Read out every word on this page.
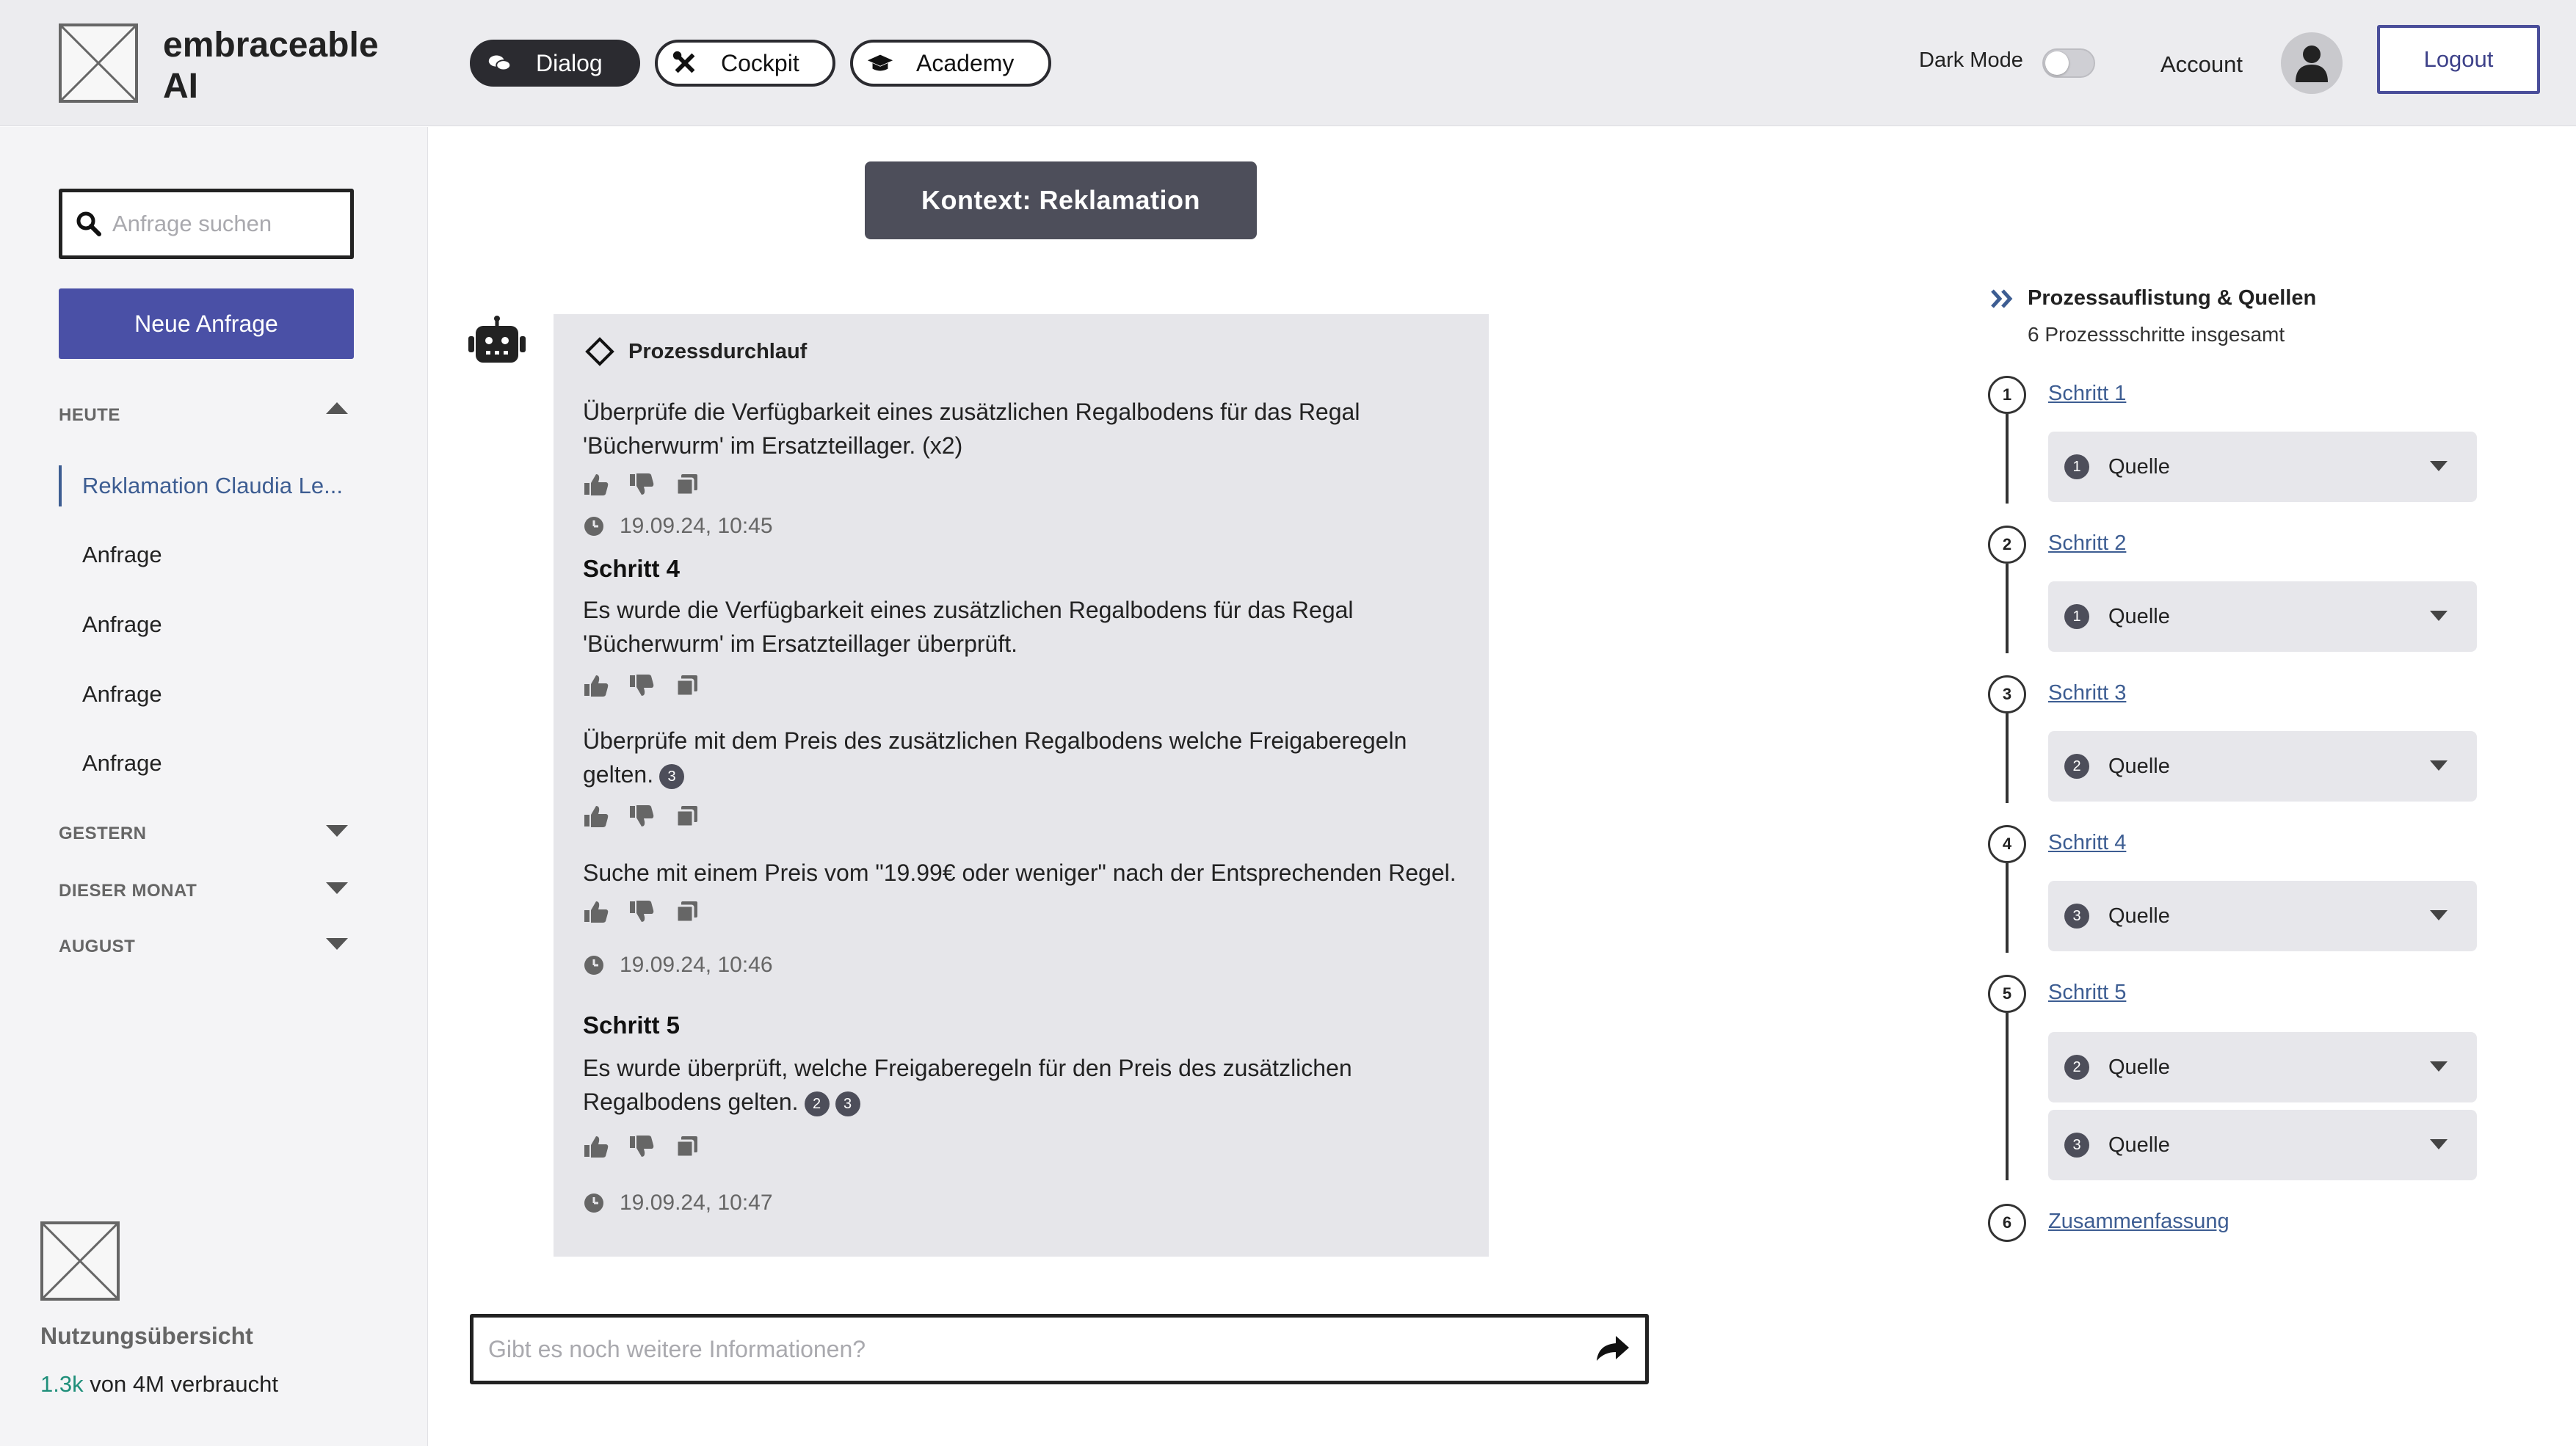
embraceable
AI
Dialog	Cockpit	Academy	Dark Mode	Account	Logout
Anfrage suchen
Neue Anfrage
HEUTE
Reklamation Claudia Le...
Anfrage
Anfrage
Anfrage
Anfrage
GESTERN
DIESER MONAT
AUGUST
Nutzungsübersicht
1.3k von 4M verbraucht
Kontext: Reklamation
Prozessdurchlauf
Überprüfe die Verfügbarkeit eines zusätzlichen Regalbodens für das Regal 'Bücherwurm' im Ersatzteillager. (x2)
19.09.24, 10:45
Schritt 4
Es wurde die Verfügbarkeit eines zusätzlichen Regalbodens für das Regal 'Bücherwurm' im Ersatzteillager überprüft.
Überprüfe mit dem Preis des zusätzlichen Regalbodens welche Freigaberegeln gelten. 3
Suche mit einem Preis vom "19.99€ oder weniger" nach der Entsprechenden Regel.
19.09.24, 10:46
Schritt 5
Es wurde überprüft, welche Freigaberegeln für den Preis des zusätzlichen Regalbodens gelten. 2 3
19.09.24, 10:47
Gibt es noch weitere Informationen?
Prozessauflistung & Quellen
6 Prozessschritte insgesamt
1	Schritt 1
1	Quelle
2	Schritt 2
1	Quelle
3	Schritt 3
2	Quelle
4	Schritt 4
3	Quelle
5	Schritt 5
2	Quelle
3	Quelle
6	Zusammenfassung
